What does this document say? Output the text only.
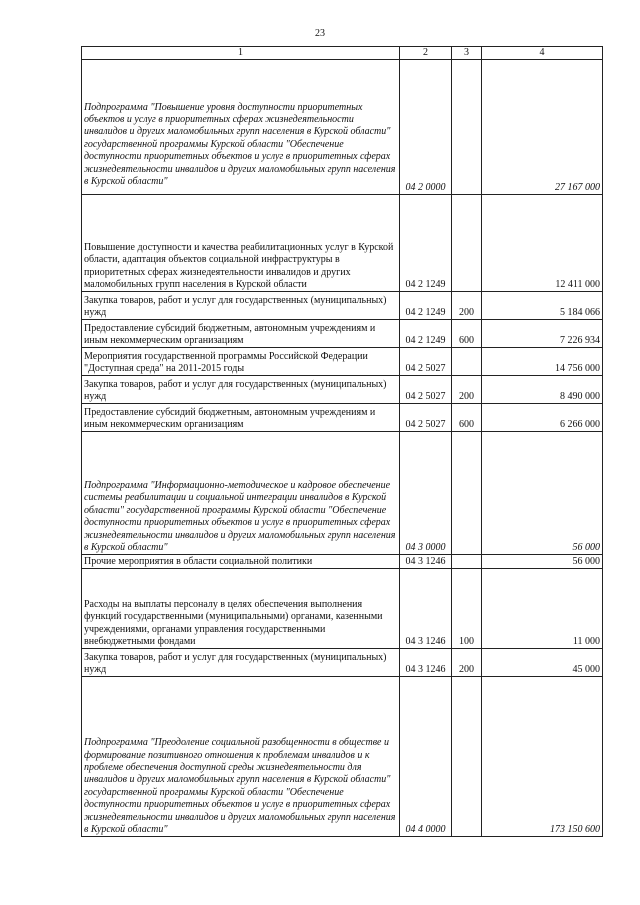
23
1	2	3	4
Подпрограмма "Повышение уровня доступности приоритетных объектов и услуг в приоритетных сферах жизнедеятельности инвалидов и других маломобильных групп населения в Курской области" государственной программы Курской области "Обеспечение доступности приоритетных объектов и услуг в приоритетных сферах жизнедеятельности инвалидов и других маломобильных групп населения в Курской области"	04 2 0000		27 167 000
Повышение доступности и качества реабилитационных услуг в Курской области, адаптация объектов социальной инфраструктуры в приоритетных сферах жизнедеятельности инвалидов и других маломобильных групп населения в Курской области	04 2 1249		12 411 000
Закупка товаров, работ и услуг для государственных (муниципальных) нужд	04 2 1249	200	5 184 066
Предоставление субсидий бюджетным, автономным учреждениям и иным некоммерческим организациям	04 2 1249	600	7 226 934
Мероприятия государственной программы Российской Федерации "Доступная среда" на 2011-2015 годы	04 2 5027		14 756 000
Закупка товаров, работ и услуг для государственных (муниципальных) нужд	04 2 5027	200	8 490 000
Предоставление субсидий бюджетным, автономным учреждениям и иным некоммерческим организациям	04 2 5027	600	6 266 000
Подпрограмма "Информационно-методическое и кадровое обеспечение системы реабилитации и социальной интеграции инвалидов в Курской области" государственной программы Курской области "Обеспечение доступности приоритетных объектов и услуг в приоритетных сферах жизнедеятельности инвалидов и других маломобильных групп населения в Курской области"	04 3 0000		56 000
Прочие мероприятия в области социальной политики	04 3 1246		56 000
Расходы на выплаты персоналу в целях обеспечения выполнения функций государственными (муниципальными) органами, казенными учреждениями, органами управления государственными внебюджетными фондами	04 3 1246	100	11 000
Закупка товаров, работ и услуг для государственных (муниципальных) нужд	04 3 1246	200	45 000
Подпрограмма "Преодоление социальной разобщенности в обществе и формирование позитивного отношения к проблемам инвалидов и к проблеме обеспечения доступной среды жизнедеятельности для инвалидов и других маломобильных групп населения в Курской области" государственной программы Курской области "Обеспечение доступности приоритетных объектов и услуг в приоритетных сферах жизнедеятельности инвалидов и других маломобильных групп населения в Курской области"	04 4 0000		173 150 600
